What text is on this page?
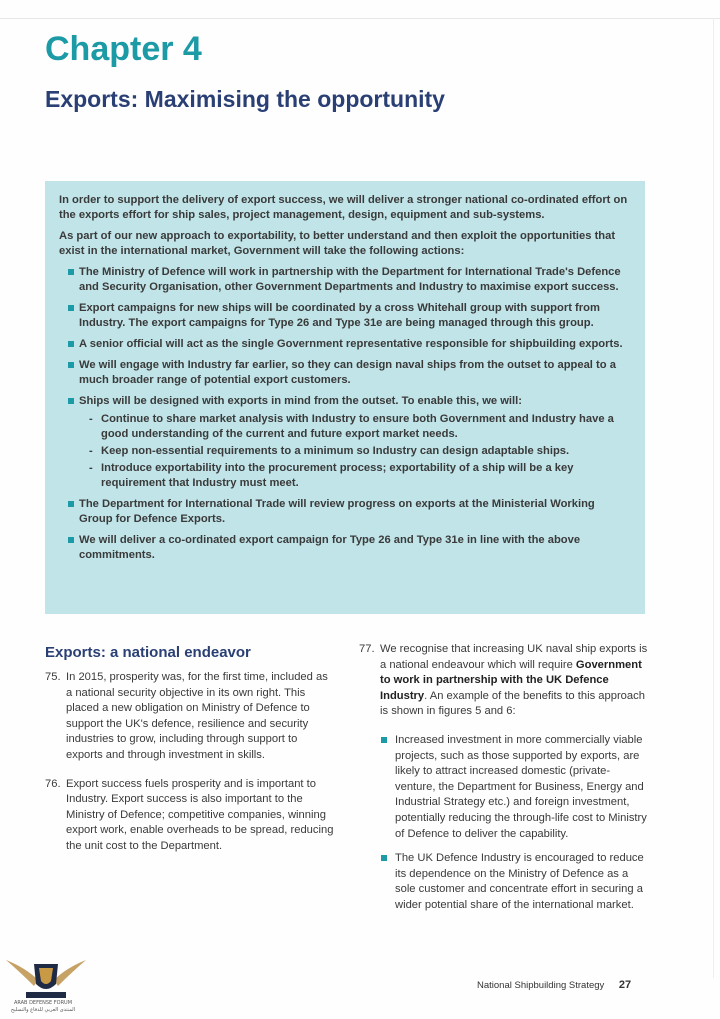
Chapter 4
Exports: Maximising the opportunity

In order to support the delivery of export success, we will deliver a stronger national co-ordinated effort on the exports effort for ship sales, project management, design, equipment and sub-systems.

As part of our new approach to exportability, to better understand and then exploit the opportunities that exist in the international market, Government will take the following actions:

The Ministry of Defence will work in partnership with the Department for International Trade's Defence and Security Organisation, other Government Departments and Industry to maximise export success.
Export campaigns for new ships will be coordinated by a cross Whitehall group with support from Industry. The export campaigns for Type 26 and Type 31e are being managed through this group.
A senior official will act as the single Government representative responsible for shipbuilding exports.
We will engage with Industry far earlier, so they can design naval ships from the outset to appeal to a much broader range of potential export customers.
Ships will be designed with exports in mind from the outset. To enable this, we will:
- Continue to share market analysis with Industry to ensure both Government and Industry have a good understanding of the current and future export market needs.
- Keep non-essential requirements to a minimum so Industry can design adaptable ships.
- Introduce exportability into the procurement process; exportability of a ship will be a key requirement that Industry must meet.
The Department for International Trade will review progress on exports at the Ministerial Working Group for Defence Exports.
We will deliver a co-ordinated export campaign for Type 26 and Type 31e in line with the above commitments.
Exports: a national endeavor

75. In 2015, prosperity was, for the first time, included as a national security objective in its own right. This placed a new obligation on Ministry of Defence to support the UK's defence, resilience and security industries to grow, including through support to exports and through investment in skills.

76. Export success fuels prosperity and is important to Industry. Export success is also important to the Ministry of Defence; competitive companies, winning export work, enable overheads to be spread, reducing the unit cost to the Department.

77. We recognise that increasing UK naval ship exports is a national endeavour which will require Government to work in partnership with the UK Defence Industry. An example of the benefits to this approach is shown in figures 5 and 6:
Increased investment in more commercially viable projects, such as those supported by exports, are likely to attract increased domestic (private-venture, the Department for Business, Energy and Industrial Strategy etc.) and foreign investment, potentially reducing the through-life cost to Ministry of Defence to deliver the capability.
The UK Defence Industry is encouraged to reduce its dependence on the Ministry of Defence as a sole customer and concentrate effort in securing a wider potential share of the international market.
National Shipbuilding Strategy 27
ARAB DEFENSE FORUM
المنتدى العربي للدفاع والتسليح
